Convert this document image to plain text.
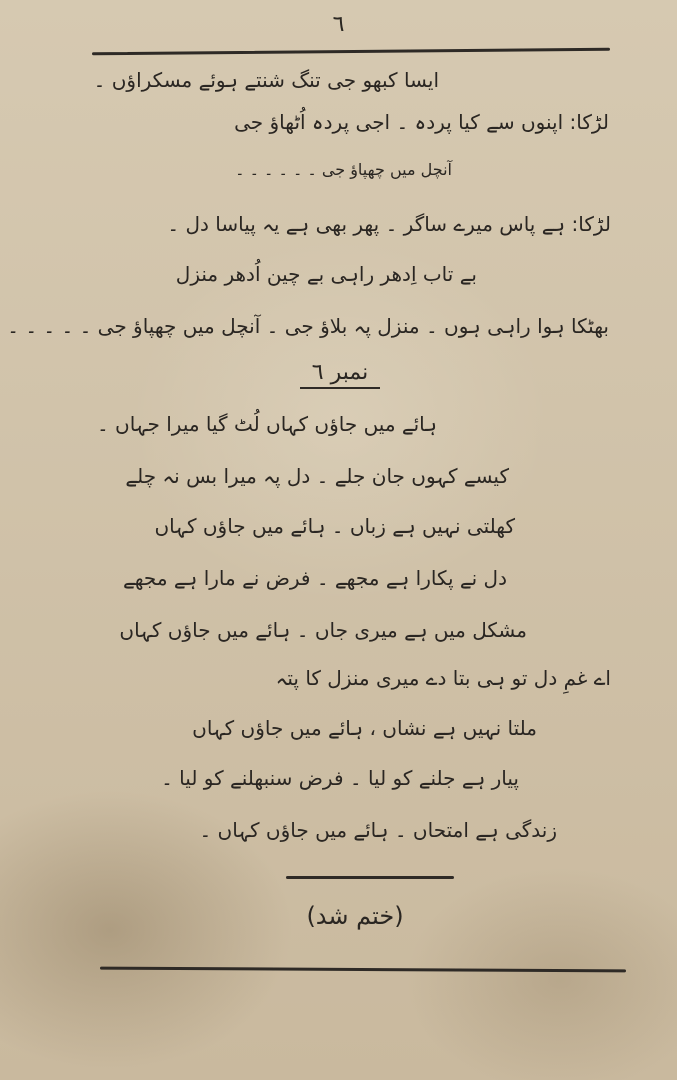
٦
ایسا کبھو جی تنگ شنتے ہوئے مسکراؤں ۔
لڑکا: اپنوں سے کیا پردہ ۔ اجی پردہ اُٹھاؤ جی
آنچل میں چھپاؤ جی ۔ ۔ ۔ ۔ ۔ ۔
لڑکا: ہے پاس میرے ساگر ۔ پھر بھی ہے یہ پیاسا دل ۔
بے تاب اِدھر راہی بے چین اُدھر منزل
بھٹکا ہوا راہی ہوں ۔ منزل پہ بلاؤ جی ۔ آنچل میں چھپاؤ جی ۔ ۔ ۔ ۔ ۔
نمبر ٦
ہائے میں جاؤں کہاں لُٹ گیا میرا جہاں ۔
کیسے کہوں جان جلے ۔ دل پہ میرا بس نہ چلے
کھلتی نہیں ہے زباں ۔ ہائے میں جاؤں کہاں
دل نے پکارا ہے مجھے ۔ فرض نے مارا ہے مجھے
مشکل میں ہے میری جاں ۔ ہائے میں جاؤں کہاں
اے غمِ دل تو ہی بتا دے میری منزل کا پتہ
ملتا نہیں ہے نشاں ، ہائے میں جاؤں کہاں
پیار ہے جلنے کو لیا ۔ فرض سنبھلنے کو لیا ۔
زندگی ہے امتحاں ۔ ہائے میں جاؤں کہاں ۔
(ختم شد)
